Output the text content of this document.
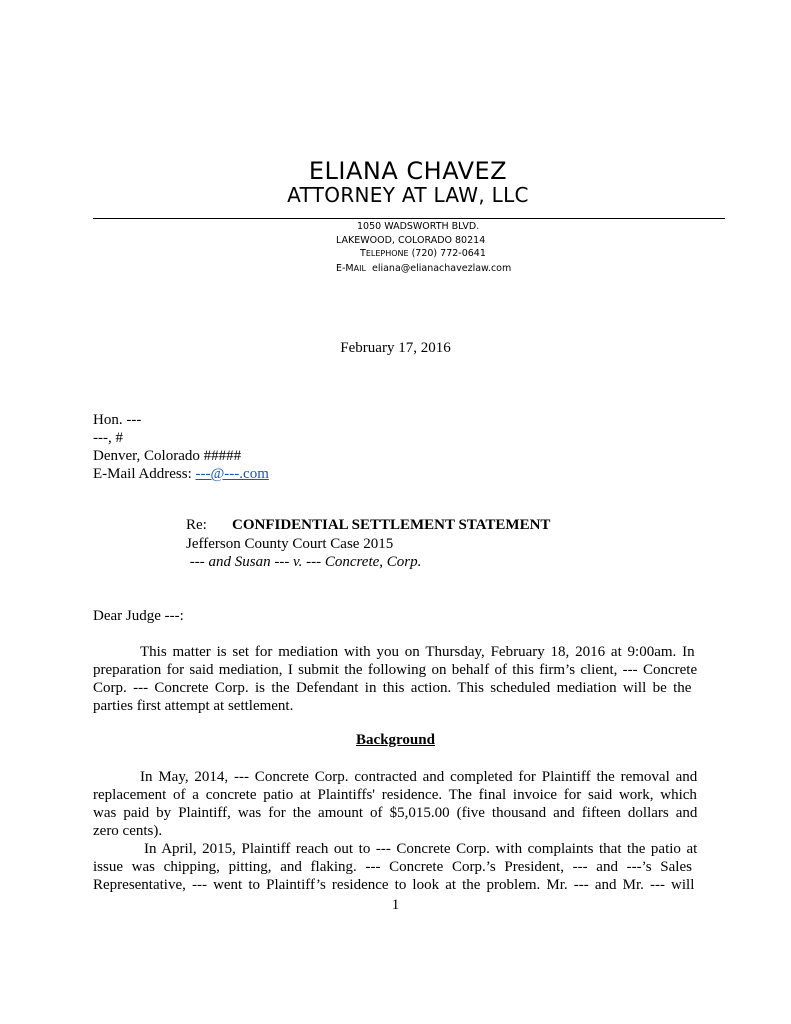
ELIANA CHAVEZ
ATTORNEY AT LAW, LLC
1050 WADSWORTH BLVD.
LAKEWOOD, COLORADO 80214
TELEPHONE (720) 772-0641
E-MAIL eliana@elianachavezlaw.com
February 17, 2016
Hon. ---
---, #
Denver, Colorado #####
E-Mail Address: ---@---.com
Re: CONFIDENTIAL SETTLEMENT STATEMENT
Jefferson County Court Case 2015
--- and Susan --- v. --- Concrete, Corp.
Dear Judge ---:
This matter is set for mediation with you on Thursday, February 18, 2016 at 9:00am. In
preparation for said mediation, I submit the following on behalf of this firm’s client, --- Concrete
Corp. --- Concrete Corp. is the Defendant in this action. This scheduled mediation will be the
parties first attempt at settlement.
Background
In May, 2014, --- Concrete Corp. contracted and completed for Plaintiff the removal and
replacement of a concrete patio at Plaintiffs' residence. The final invoice for said work, which
was paid by Plaintiff, was for the amount of $5,015.00 (five thousand and fifteen dollars and
zero cents).
In April, 2015, Plaintiff reach out to --- Concrete Corp. with complaints that the patio at
issue was chipping, pitting, and flaking. --- Concrete Corp.’s President, --- and ---’s Sales
Representative, --- went to Plaintiff’s residence to look at the problem. Mr. --- and Mr. --- will
1
